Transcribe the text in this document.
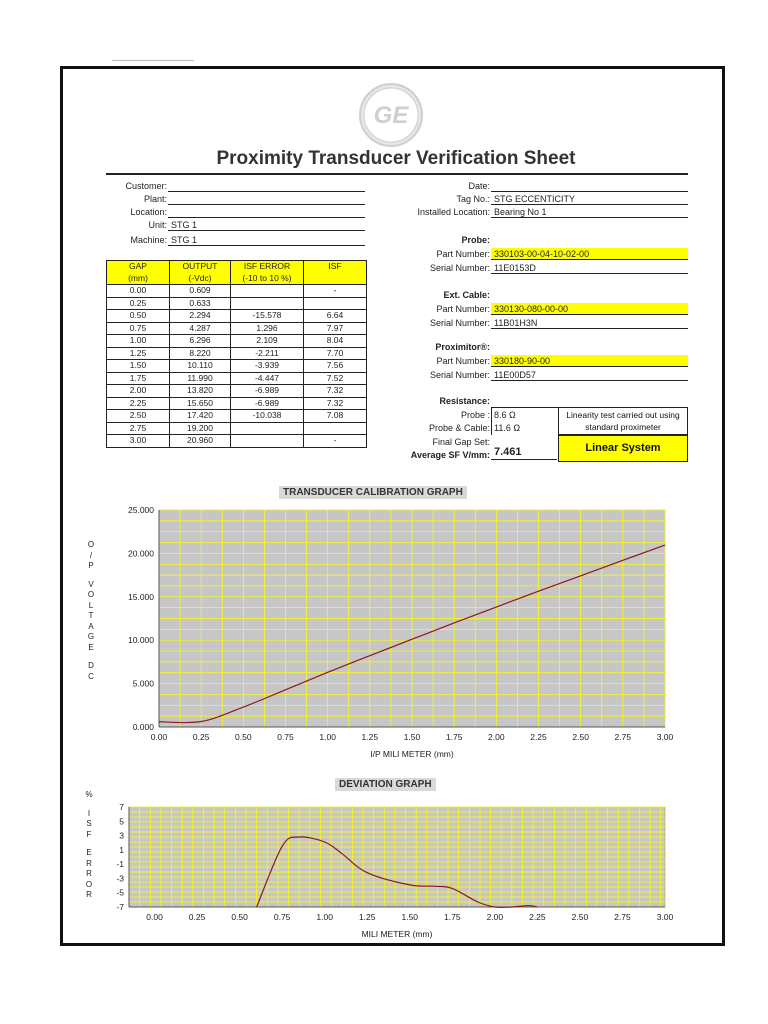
GE
Proximity Transducer Verification Sheet
Customer:
Plant:
Location:
Unit: STG 1
Machine: STG 1
Date:
Tag No.: STG ECCENTICITY
Installed Location: Bearing No 1
Probe:
Part Number: 330103-00-04-10-02-00
Serial Number: 11E0153D
Ext. Cable:
Part Number: 330130-080-00-00
Serial Number: 11B01H3N
Proximitor®:
Part Number: 330180-90-00
Serial Number: 11E00D57
Resistance:
Probe : 8.6 Ω
Probe & Cable: 11.6 Ω
Final Gap Set:
Average SF V/mm: 7.461
Linearity test carried out using standard proximeter
Linear System
GAP	OUTPUT	ISF ERROR	ISF
(mm)	(-Vdc)	(-10 to 10 %)	
0.00	0.609		-
0.25	0.633		
0.50	2.294	-15.578	6.64
0.75	4.287	1.296	7.97
1.00	6.296	2.109	8.04
1.25	8.220	-2.211	7.70
1.50	10.110	-3.939	7.56
1.75	11.990	-4.447	7.52
2.00	13.820	-6.989	7.32
2.25	15.650	-6.989	7.32
2.50	17.420	-10.038	7.08
2.75	19.200		
3.00	20.960		-
TRANSDUCER CALIBRATION GRAPH
O
/
P
V
O
L
T
A
G
E
D
C
0.00	0.25	0.50	0.75	1.00	1.25	1.50	1.75	2.00	2.25	2.50	2.75	3.00
0.000
5.000
10.000
15.000
20.000
25.000
I/P MILI METER (mm)
0.00	0.25	0.50	0.75	1.00	1.25	1.50	1.75	2.00	2.25	2.50	2.75	3.00
7
5
3
1
-1
-3
-5
-7
MILI METER (mm)
DEVIATION GRAPH
%
I
S
F
E
R
R
O
R
